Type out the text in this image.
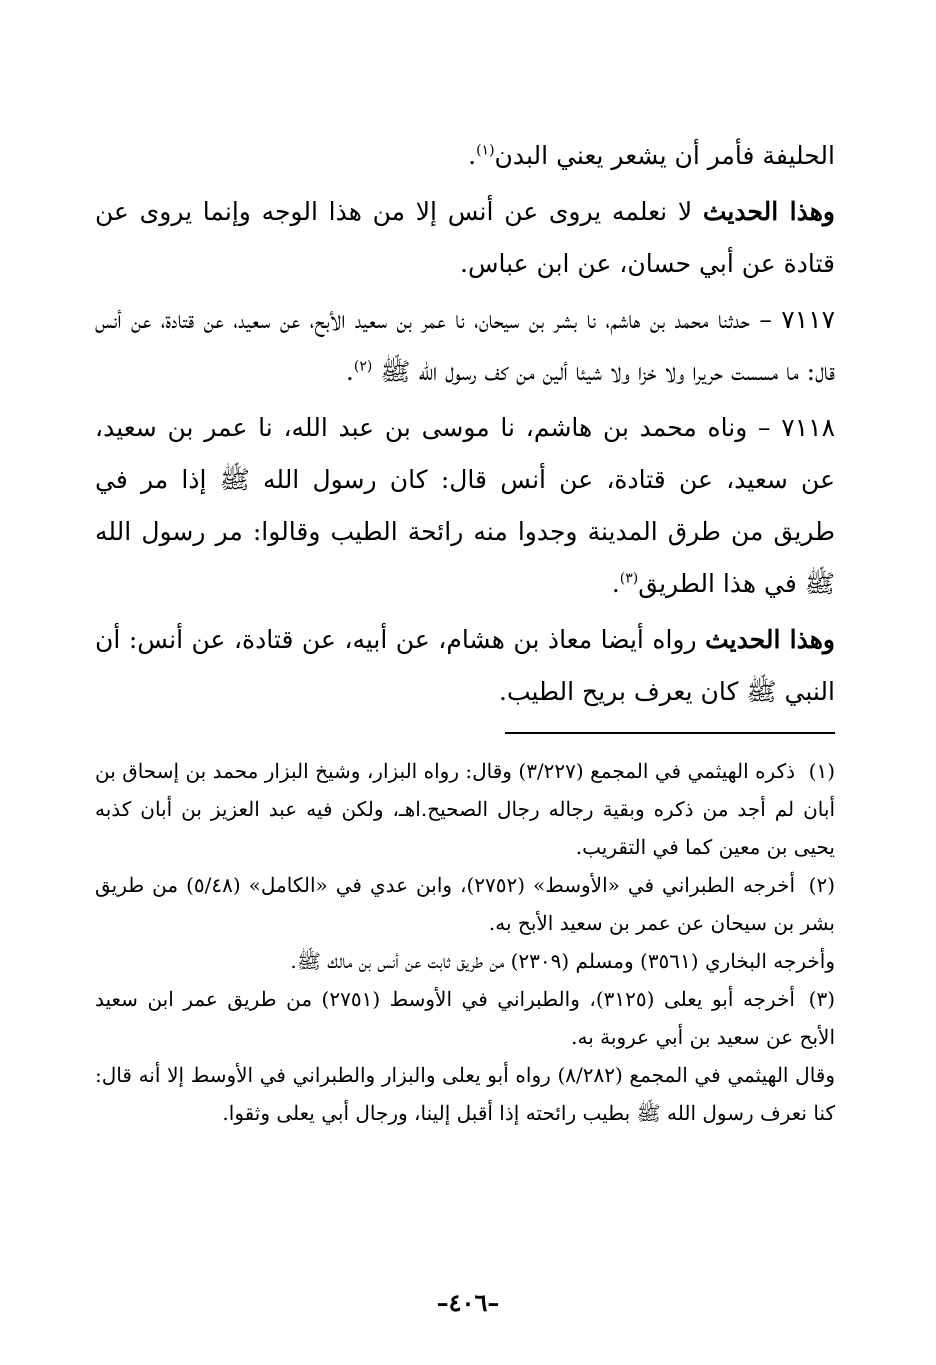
الحليفة فأمر أن يشعر يعني البدن$^{(١)}$.

وهذا الحديث لا نعلمه يروى عن أنس إلا من هذا الوجه وإنما يروى عن قتادة عن أبي حسان، عن ابن عباس.

٧١١٧ – حدثنا محمد بن هاشم، نا بشر بن سيحان، نا عمر بن سعيد الأبح، عن سعيد، عن قتادة، عن أنس قال: ما مسست حريرا ولا خزا ولا شيئا ألين من كف رسول الله ﷺ $^{(٢)}$.

٧١١٨ – وناه محمد بن هاشم، نا موسى بن عبد الله، نا عمر بن سعيد، عن سعيد، عن قتادة، عن أنس قال: كان رسول الله ﷺ إذا مر في طريق من طرق المدينة وجدوا منه رائحة الطيب وقالوا: مر رسول الله ﷺ في هذا الطريق$^{(٣)}$.

وهذا الحديث رواه أيضا معاذ بن هشام، عن أبيه، عن قتادة، عن أنس: أن النبي ﷺ كان يعرف بريح الطيب.

(١)ذكره الهيثمي في المجمع (٣/٢٢٧) وقال: رواه البزار، وشيخ البزار محمد بن إسحاق بن أبان لم أجد من ذكره وبقية رجاله رجال الصحيح.اهـ، ولكن فيه عبد العزيز بن أبان كذبه يحيى بن معين كما في التقريب.

(٢)أخرجه الطبراني في «الأوسط» (٢٧٥٢)، وابن عدي في «الكامل» (٥/٤٨) من طريق بشر بن سيحان عن عمر بن سعيد الأبح به.

وأخرجه البخاري (٣٥٦١) ومسلم (٢٣٠٩) من طريق ثابت عن أنس بن مالك ﷺ.

(٣)أخرجه أبو يعلى (٣١٢٥)، والطبراني في الأوسط (٢٧٥١) من طريق عمر ابن سعيد الأبح عن سعيد بن أبي عروبة به.

وقال الهيثمي في المجمع (٨/٢٨٢) رواه أبو يعلى والبزار والطبراني في الأوسط إلا أنه قال: كنا نعرف رسول الله ﷺ بطيب رائحته إذا أقبل إلينا، ورجال أبي يعلى وثقوا.

–٤٠٦–
